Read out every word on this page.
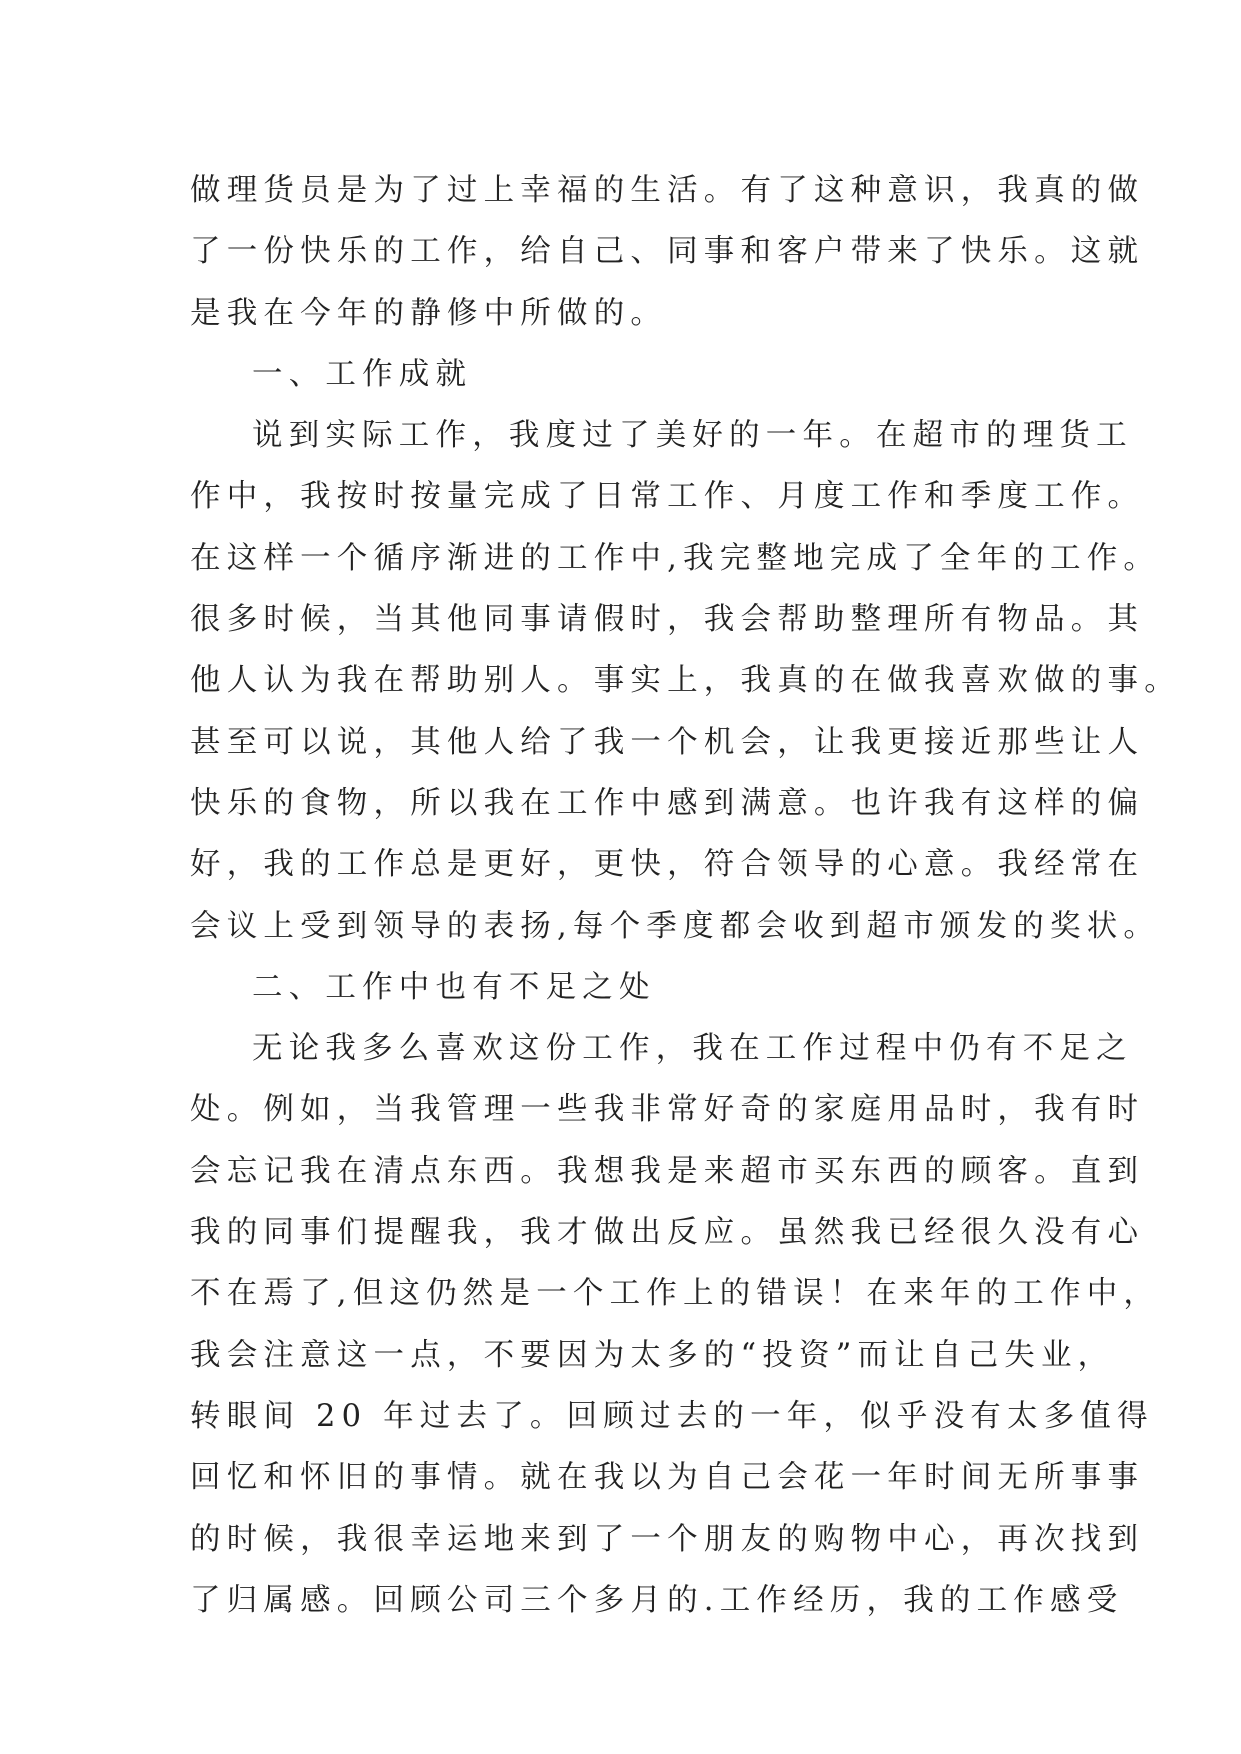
做理货员是为了过上幸福的生活。有了这种意识，我真的做
了一份快乐的工作，给自己、同事和客户带来了快乐。这就
是我在今年的静修中所做的。
一、工作成就
说到实际工作，我度过了美好的一年。在超市的理货工
作中，我按时按量完成了日常工作、月度工作和季度工作。
在这样一个循序渐进的工作中,我完整地完成了全年的工作。
很多时候，当其他同事请假时，我会帮助整理所有物品。其
他人认为我在帮助别人。事实上，我真的在做我喜欢做的事。
甚至可以说，其他人给了我一个机会，让我更接近那些让人
快乐的食物，所以我在工作中感到满意。也许我有这样的偏
好，我的工作总是更好，更快，符合领导的心意。我经常在
会议上受到领导的表扬,每个季度都会收到超市颁发的奖状。
二、工作中也有不足之处
无论我多么喜欢这份工作，我在工作过程中仍有不足之
处。例如，当我管理一些我非常好奇的家庭用品时，我有时
会忘记我在清点东西。我想我是来超市买东西的顾客。直到
我的同事们提醒我，我才做出反应。虽然我已经很久没有心
不在焉了,但这仍然是一个工作上的错误！在来年的工作中，
我会注意这一点，不要因为太多的“投资”而让自己失业，
转眼间 20 年过去了。回顾过去的一年，似乎没有太多值得
回忆和怀旧的事情。就在我以为自己会花一年时间无所事事
的时候，我很幸运地来到了一个朋友的购物中心，再次找到
了归属感。回顾公司三个多月的.工作经历，我的工作感受
